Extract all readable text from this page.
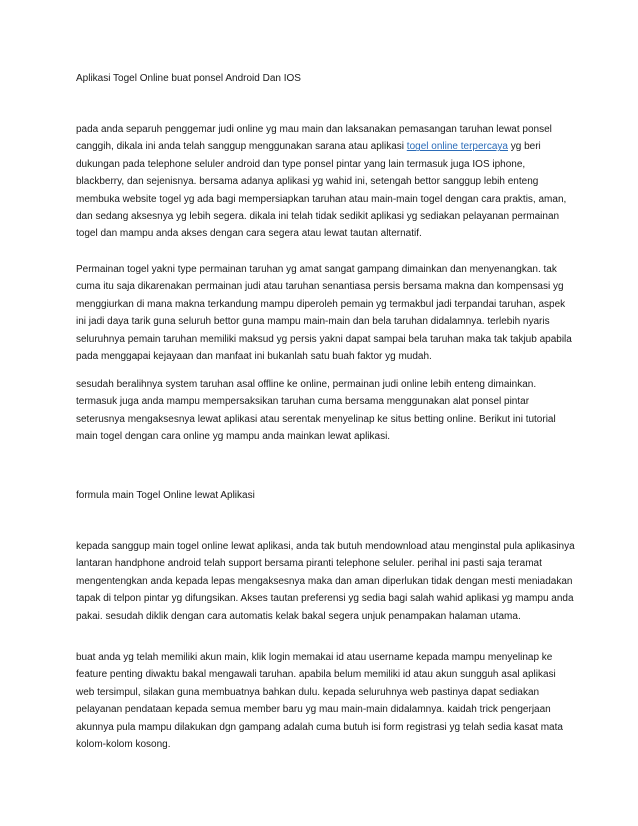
Aplikasi Togel Online buat ponsel Android Dan IOS

pada anda separuh penggemar judi online yg mau main dan laksanakan pemasangan taruhan lewat ponsel canggih, dikala ini anda telah sanggup menggunakan sarana atau aplikasi togel online terpercaya yg beri dukungan pada telephone seluler android dan type ponsel pintar yang lain termasuk juga IOS iphone, blackberry, dan sejenisnya. bersama adanya aplikasi yg wahid ini, setengah bettor sanggup lebih enteng membuka website togel yg ada bagi mempersiapkan taruhan atau main-main togel dengan cara praktis, aman, dan sedang aksesnya yg lebih segera. dikala ini telah tidak sedikit aplikasi yg sediakan pelayanan permainan togel dan mampu anda akses dengan cara segera atau lewat tautan alternatif.

Permainan togel yakni type permainan taruhan yg amat sangat gampang dimainkan dan menyenangkan. tak cuma itu saja dikarenakan permainan judi atau taruhan senantiasa persis bersama makna dan kompensasi yg menggiurkan di mana makna terkandung mampu diperoleh pemain yg termakbul jadi terpandai taruhan, aspek ini jadi daya tarik guna seluruh bettor guna mampu main-main dan bela taruhan didalamnya. terlebih nyaris seluruhnya pemain taruhan memiliki maksud yg persis yakni dapat sampai bela taruhan maka tak takjub apabila pada menggapai kejayaan dan manfaat ini bukanlah satu buah faktor yg mudah.

sesudah beralihnya system taruhan asal offline ke online, permainan judi online lebih enteng dimainkan. termasuk juga anda mampu mempersaksikan taruhan cuma bersama menggunakan alat ponsel pintar seterusnya mengaksesnya lewat aplikasi atau serentak menyelinap ke situs betting online. Berikut ini tutorial main togel dengan cara online yg mampu anda mainkan lewat aplikasi.

formula main Togel Online lewat Aplikasi

kepada sanggup main togel online lewat aplikasi, anda tak butuh mendownload atau menginstal pula aplikasinya lantaran handphone android telah support bersama piranti telephone seluler. perihal ini pasti saja teramat mengentengkan anda kepada lepas mengaksesnya maka dan aman diperlukan tidak dengan mesti meniadakan tapak di telpon pintar yg difungsikan. Akses tautan preferensi yg sedia bagi salah wahid aplikasi yg mampu anda pakai. sesudah diklik dengan cara automatis kelak bakal segera unjuk penampakan halaman utama.

buat anda yg telah memiliki akun main, klik login memakai id atau username kepada mampu menyelinap ke feature penting diwaktu bakal mengawali taruhan. apabila belum memiliki id atau akun sungguh asal aplikasi web tersimpul, silakan guna membuatnya bahkan dulu. kepada seluruhnya web pastinya dapat sediakan pelayanan pendataan kepada semua member baru yg mau main-main didalamnya. kaidah trick pengerjaan akunnya pula mampu dilakukan dgn gampang adalah cuma butuh isi form registrasi yg telah sedia kasat mata kolom-kolom kosong.
